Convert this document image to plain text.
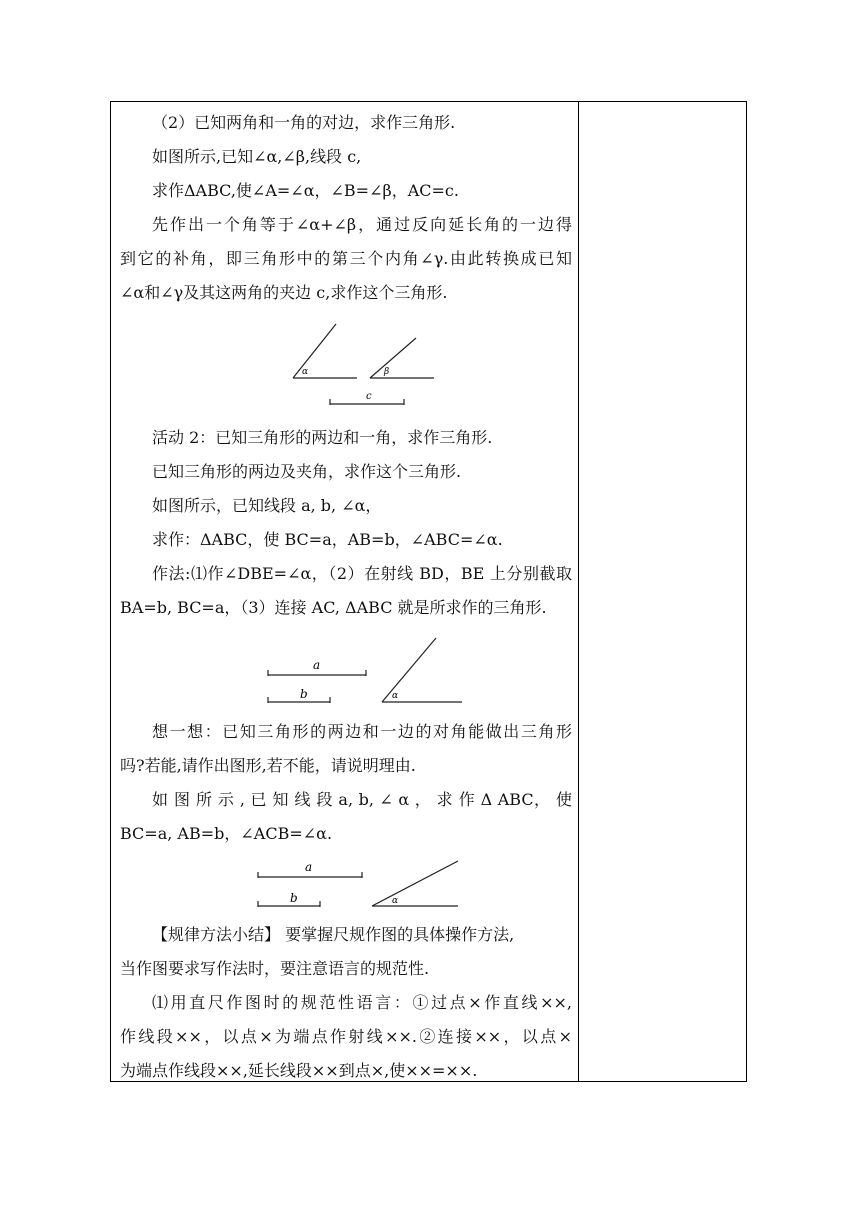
（2）已知两角和一角的对边，求作三角形.
如图所示,已知∠α,∠β,线段 c,
求作ΔABC,使∠A=∠α，∠B=∠β，AC=c.
先作出一个角等于∠α+∠β，通过反向延长角的一边得
到它的补角，即三角形中的第三个内角∠γ.由此转换成已知
∠α和∠γ及其这两角的夹边 c,求作这个三角形.
α	β
c
活动 2：已知三角形的两边和一角，求作三角形.
已知三角形的两边及夹角，求作这个三角形.
如图所示，已知线段 a, b, ∠α，
求作：ΔABC，使 BC=a，AB=b，∠ABC=∠α.
作法:⑴作∠DBE=∠α，（2）在射线 BD，BE 上分别截取
BA=b, BC=a，（3）连接 AC, ΔABC 就是所求作的三角形.
a
b	α
想一想：已知三角形的两边和一边的对角能做出三角形
吗?若能,请作出图形,若不能，请说明理由.
如 图 所 示 , 已 知 线 段 a, b, ∠ α ， 求 作 Δ ABC， 使
BC=a, AB=b，∠ACB=∠α.
a
b	α
【规律方法小结】 要掌握尺规作图的具体操作方法,
当作图要求写作法时，要注意语言的规范性.
⑴用直尺作图时的规范性语言：①过点×作直线××,
作线段××，以点×为端点作射线××.②连接××，以点×
为端点作线段××,延长线段××到点×,使××=××.
